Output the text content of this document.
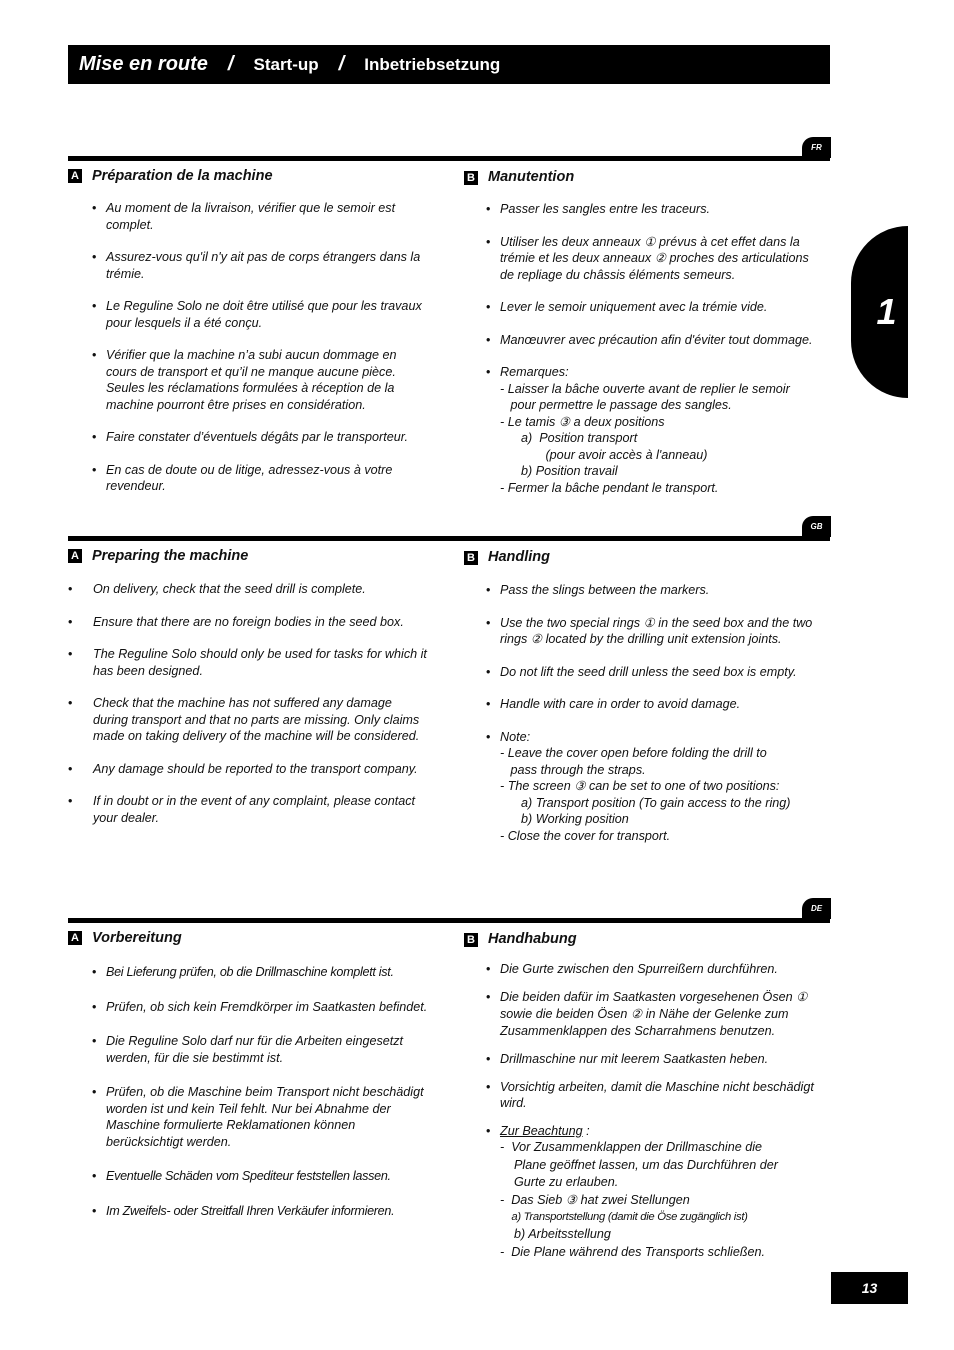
Mise en route / Start-up / Inbetriebsetzung
1
FR
A Préparation de la machine
• Au moment de la livraison, vérifier que le semoir est complet.
• Assurez-vous qu'il n'y ait pas de corps étrangers dans la trémie.
• Le Reguline Solo ne doit être utilisé que pour les travaux pour lesquels il a été conçu.
• Vérifier que la machine n’a subi aucun dommage en cours de transport et qu’il ne manque aucune pièce. Seules les réclamations formulées à réception de la machine pourront être prises en considération.
• Faire constater d’éventuels dégâts par le transporteur.
• En cas de doute ou de litige, adressez-vous à votre revendeur.
B Manutention
• Passer les sangles entre les traceurs.
• Utiliser les deux anneaux ① prévus à cet effet dans la trémie et les deux anneaux ② proches des articulations de repliage du châssis éléments semeurs.
• Lever le semoir uniquement avec la trémie vide.
• Manœuvrer avec précaution afin d'éviter tout dommage.
• Remarques:
- Laisser la bâche ouverte avant de replier le semoir
pour permettre le passage des sangles.
- Le tamis ③ a deux positions
a)  Position transport
(pour avoir accès à l'anneau)
b) Position travail
- Fermer la bâche pendant le transport.
GB
A Preparing the machine
• On delivery, check that the seed drill is complete.
• Ensure that there are no foreign bodies in the seed box.
• The Reguline Solo should only be used for tasks for which it has been designed.
• Check that the machine has not suffered any damage during transport and that no parts are missing. Only claims made on taking delivery of the machine will be considered.
• Any damage should be reported to the transport company.
• If in doubt or in the event of any complaint, please contact your dealer.
B Handling
• Pass the slings between the markers.
• Use the two special rings ① in the seed box and the two rings ② located by the drilling unit extension joints.
• Do not lift the seed drill unless the seed box is empty.
• Handle with care in order to avoid damage.
• Note:
- Leave the cover open before folding the drill to
pass through the straps.
- The screen ③ can be set to one of two positions:
a) Transport position (To gain access to the ring)
b) Working position
- Close the cover for transport.
DE
A Vorbereitung
• Bei Lieferung prüfen, ob die Drillmaschine komplett ist.
• Prüfen, ob sich kein Fremdkörper im Saatkasten befindet.
• Die Reguline Solo darf nur für die Arbeiten eingesetzt werden, für die sie bestimmt ist.
• Prüfen, ob die Maschine beim Transport nicht beschädigt worden ist und kein Teil fehlt. Nur bei Abnahme der Maschine formulierte Reklamationen können berücksichtigt werden.
• Eventuelle Schäden vom Spediteur feststellen lassen.
• Im Zweifels- oder Streitfall Ihren Verkäufer informieren.
B Handhabung
• Die Gurte zwischen den Spurreißern durchführen.
• Die beiden dafür im Saatkasten vorgesehenen Ösen ① sowie die beiden Ösen ② in Nähe der Gelenke zum Zusammenklappen des Scharrahmens benutzen.
• Drillmaschine nur mit leerem Saatkasten heben.
• Vorsichtig arbeiten, damit die Maschine nicht beschädigt wird.
• Zur Beachtung :
-  Vor Zusammenklappen der Drillmaschine die
Plane geöffnet lassen, um das Durchführen der
Gurte zu erlauben.
-  Das Sieb ③ hat zwei Stellungen
a) Transportstellung (damit die Öse zugänglich ist)
b) Arbeitsstellung
-  Die Plane während des Transports schließen.
13
